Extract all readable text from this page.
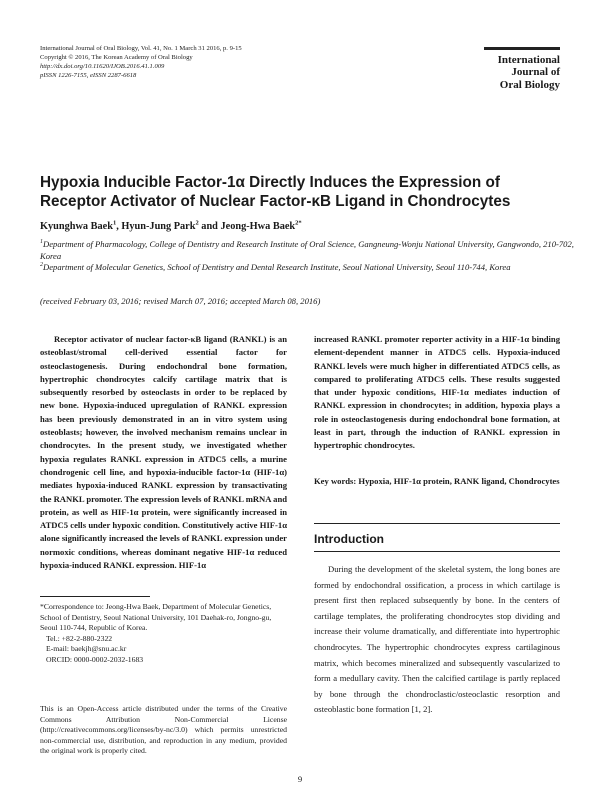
International Journal of Oral Biology, Vol. 41, No. 1 March 31 2016, p. 9-15
Copyright © 2016, The Korean Academy of Oral Biology
http://dx.doi.org/10.11620/IJOB.2016.41.1.009
pISSN 1226-7155, eISSN 2287-6618
International
Journal of
Oral Biology
Hypoxia Inducible Factor-1α Directly Induces the Expression of Receptor Activator of Nuclear Factor-κB Ligand in Chondrocytes
Kyunghwa Baek$^1$, Hyun-Jung Park$^2$ and Jeong-Hwa Baek$^{2*}$
$^1$Department of Pharmacology, College of Dentistry and Research Institute of Oral Science, Gangneung-Wonju National University, Gangwondo, 210-702, Korea
$^2$Department of Molecular Genetics, School of Dentistry and Dental Research Institute, Seoul National University, Seoul 110-744, Korea
(received February 03, 2016; revised March 07, 2016; accepted March 08, 2016)
Receptor activator of nuclear factor-κB ligand (RANKL) is an osteoblast/stromal cell-derived essential factor for osteoclastogenesis. During endochondral bone formation, hypertrophic chondrocytes calcify cartilage matrix that is subsequently resorbed by osteoclasts in order to be replaced by new bone. Hypoxia-induced upregulation of RANKL expression has been previously demonstrated in an in vitro system using osteoblasts; however, the involved mechanism remains unclear in chondrocytes. In the present study, we investigated whether hypoxia regulates RANKL expression in ATDC5 cells, a murine chondrogenic cell line, and hypoxia-inducible factor-1α (HIF-1α) mediates hypoxia-induced RANKL expression by transactivating the RANKL promoter. The expression levels of RANKL mRNA and protein, as well as HIF-1α protein, were significantly increased in ATDC5 cells under hypoxic condition. Constitutively active HIF-1α alone significantly increased the levels of RANKL expression under normoxic conditions, whereas dominant negative HIF-1α reduced hypoxia-induced RANKL expression. HIF-1α
increased RANKL promoter reporter activity in a HIF-1α binding element-dependent manner in ATDC5 cells. Hypoxia-induced RANKL levels were much higher in differentiated ATDC5 cells, as compared to proliferating ATDC5 cells. These results suggested that under hypoxic conditions, HIF-1α mediates induction of RANKL expression in chondrocytes; in addition, hypoxia plays a role in osteoclastogenesis during endochondral bone formation, at least in part, through the induction of RANKL expression in hypertrophic chondrocytes.
Key words: Hypoxia, HIF-1α protein, RANK ligand, Chondrocytes
Introduction
During the development of the skeletal system, the long bones are formed by endochondral ossification, a process in which cartilage is present first then replaced subsequently by bone. In the centers of cartilage templates, the proliferating chondrocytes stop dividing and increase their volume dramatically, and differentiate into hypertrophic chondrocytes. The hypertrophic chondrocytes express cartilaginous matrix, which becomes mineralized and subsequently vascularized to form a medullary cavity. Then the calcified cartilage is partly replaced by bone through the chondroclastic/osteoclastic resorption and osteoblastic bone formation [1, 2].
*Correspondence to: Jeong-Hwa Baek, Department of Molecular Genetics, School of Dentistry, Seoul National University, 101 Daehak-ro, Jongno-gu, Seoul 110-744, Republic of Korea.
Tel.: +82-2-880-2322
E-mail: baekjh@snu.ac.kr
ORCID: 0000-0002-2032-1683
This is an Open-Access article distributed under the terms of the Creative Commons Attribution Non-Commercial License (http://creativecommons.org/licenses/by-nc/3.0) which permits unrestricted non-commercial use, distribution, and reproduction in any medium, provided the original work is properly cited.
9
